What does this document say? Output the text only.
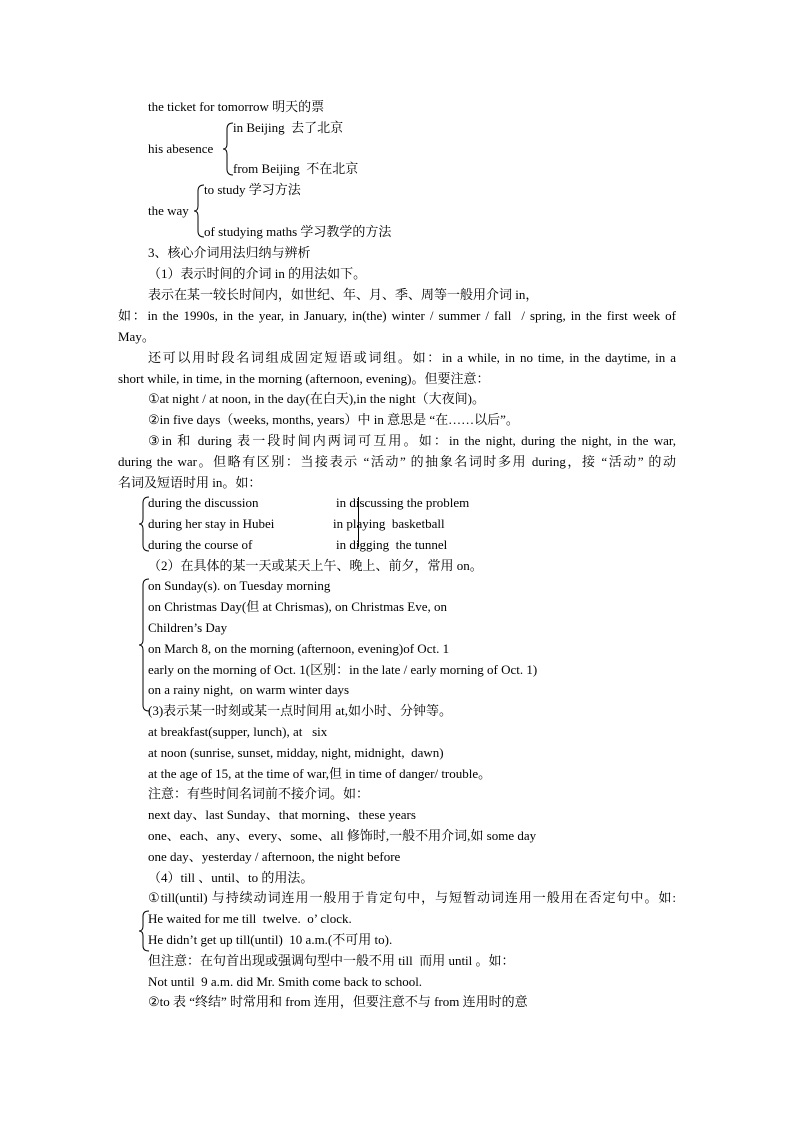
the ticket for tomorrow 明天的票
his abesence
in Beijing  去了北京
from Beijing  不在北京
the way
to study 学习方法
of studying maths 学习教学的方法
3、核心介词用法归纳与辨析
（1）表示时间的介词 in 的用法如下。
表示在某一较长时间内，如世纪、年、月、季、周等一般用介词 in，
如：in the 1990s, in the year, in January, in(the) winter / summer / fall  / spring, in the first week of
May。
还可以用时段名词组成固定短语或词组。如：in a while, in no time, in the daytime, in a
short while, in time, in the morning (afternoon, evening)。但要注意：
①at night / at noon, in the day(在白天),in the night（大夜间)。
②in five days（weeks, months, years）中 in 意思是 “在……以后”。
③in 和 during 表一段时间内两词可互用。如：in the night, during the night, in the war,
during the war。但略有区别：当接表示 “活动” 的抽象名词时多用 during，接 “活动” 的动
名词及短语时用 in。如：
during the discussion	in discussing the problem
during her stay in Hubei	in playing  basketball
during the course of	in digging  the tunnel
（2）在具体的某一天或某天上午、晚上、前夕，常用 on。
on Sunday(s). on Tuesday morning
on Christmas Day(但 at Chrismas), on Christmas Eve, on
Children’s Day
on March 8, on the morning (afternoon, evening)of Oct. 1
early on the morning of Oct. 1(区别：in the late / early morning of Oct. 1)
on a rainy night,  on warm winter days
(3)表示某一时刻或某一点时间用 at,如小时、分钟等。
at breakfast(supper, lunch), at   six
at noon (sunrise, sunset, midday, night, midnight,  dawn)
at the age of 15, at the time of war,但 in time of danger/ trouble。
注意：有些时间名词前不接介词。如：
next day、last Sunday、that morning、these years
one、each、any、every、some、all 修饰时,一般不用介词,如 some day
one day、yesterday / afternoon, the night before
（4）till 、until、to 的用法。
①till(until) 与持续动词连用一般用于肯定句中，与短暂动词连用一般用在否定句中。如:
He waited for me till  twelve.  o’ clock.
He didn’t get up till(until)  10 a.m.(不可用 to).
但注意：在句首出现或强调句型中一般不用 till  而用 until 。如：
Not until  9 a.m. did Mr. Smith come back to school.
②to 表 “终结” 时常用和 from 连用，但要注意不与 from 连用时的意
